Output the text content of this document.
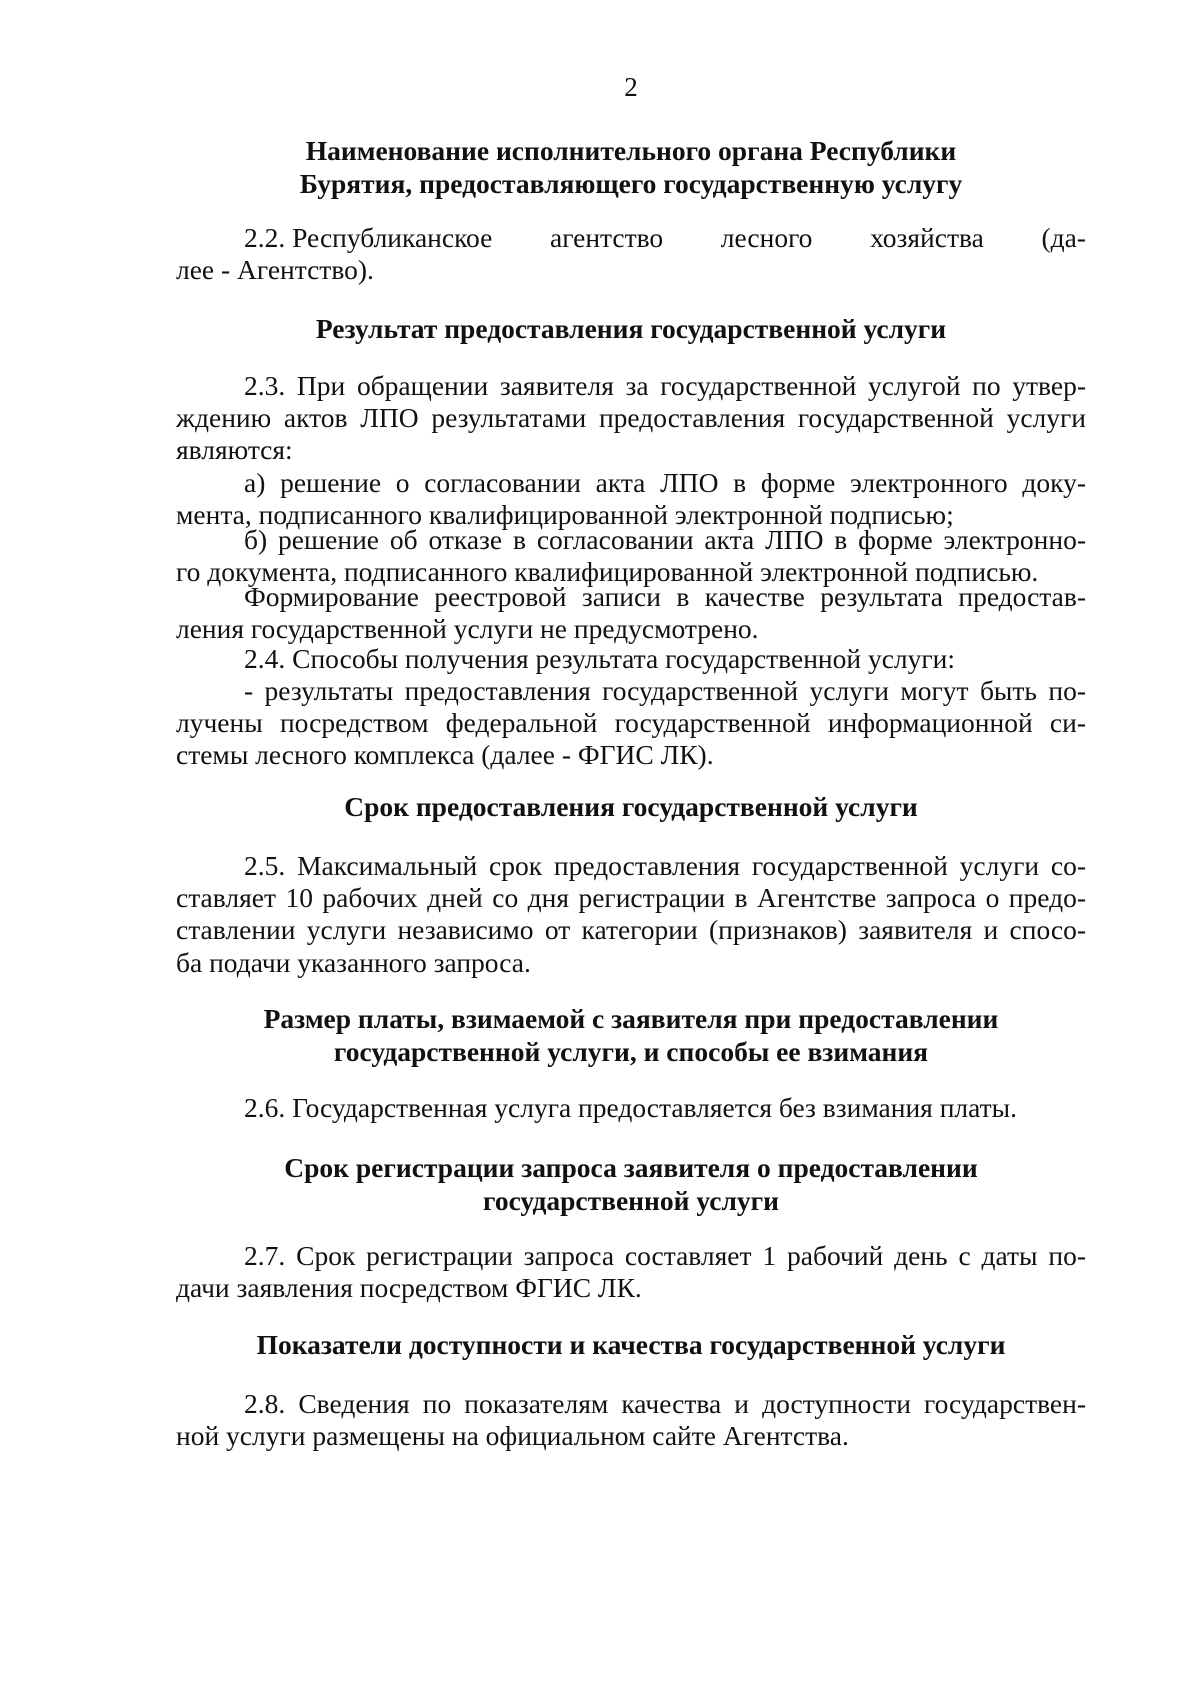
2
Наименование исполнительного органа Республики
Бурятия, предоставляющего государственную услугу
2.2. Республиканское агентство лесного хозяйства (да-
лее - Агентство).
Результат предоставления государственной услуги
2.3. При обращении заявителя за государственной услугой по утвер-
ждению актов ЛПО результатами предоставления государственной услуги
являются:
а) решение о согласовании акта ЛПО в форме электронного доку-
мента, подписанного квалифицированной электронной подписью;
б) решение об отказе в согласовании акта ЛПО в форме электронно-
го документа, подписанного квалифицированной электронной подписью.
Формирование реестровой записи в качестве результата предостав-
ления государственной услуги не предусмотрено.
2.4. Способы получения результата государственной услуги:
- результаты предоставления государственной услуги могут быть по-
лучены посредством федеральной государственной информационной си-
стемы лесного комплекса (далее - ФГИС ЛК).
Срок предоставления государственной услуги
2.5. Максимальный срок предоставления государственной услуги со-
ставляет 10 рабочих дней со дня регистрации в Агентстве запроса о предо-
ставлении услуги независимо от категории (признаков) заявителя и спосо-
ба подачи указанного запроса.
Размер платы, взимаемой с заявителя при предоставлении
государственной услуги, и способы ее взимания
2.6. Государственная услуга предоставляется без взимания платы.
Срок регистрации запроса заявителя о предоставлении
государственной услуги
2.7. Срок регистрации запроса составляет 1 рабочий день с даты по-
дачи заявления посредством ФГИС ЛК.
Показатели доступности и качества государственной услуги
2.8. Сведения по показателям качества и доступности государствен-
ной услуги размещены на официальном сайте Агентства.
